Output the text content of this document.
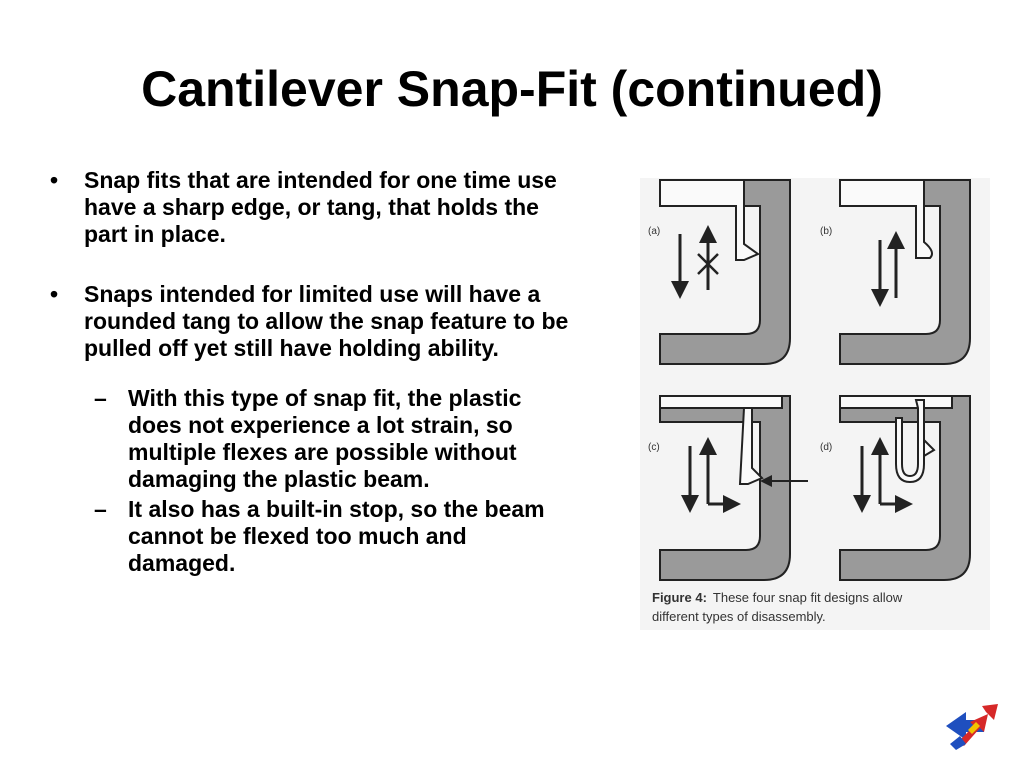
Cantilever Snap-Fit (continued)
•	Snap fits that are intended for one time use have a sharp edge, or tang, that holds the part in place.
•	Snaps intended for limited use will have a rounded tang to allow the snap feature to be pulled off yet still have holding ability.
– With this type of snap fit, the plastic does not experience a lot strain, so multiple flexes are possible without damaging the plastic beam.
– It also has a built-in stop, so the beam cannot be flexed too much and damaged.
(a)	(b)
(c)	(d)
Figure 4: These four snap fit designs allow
different types of disassembly.
